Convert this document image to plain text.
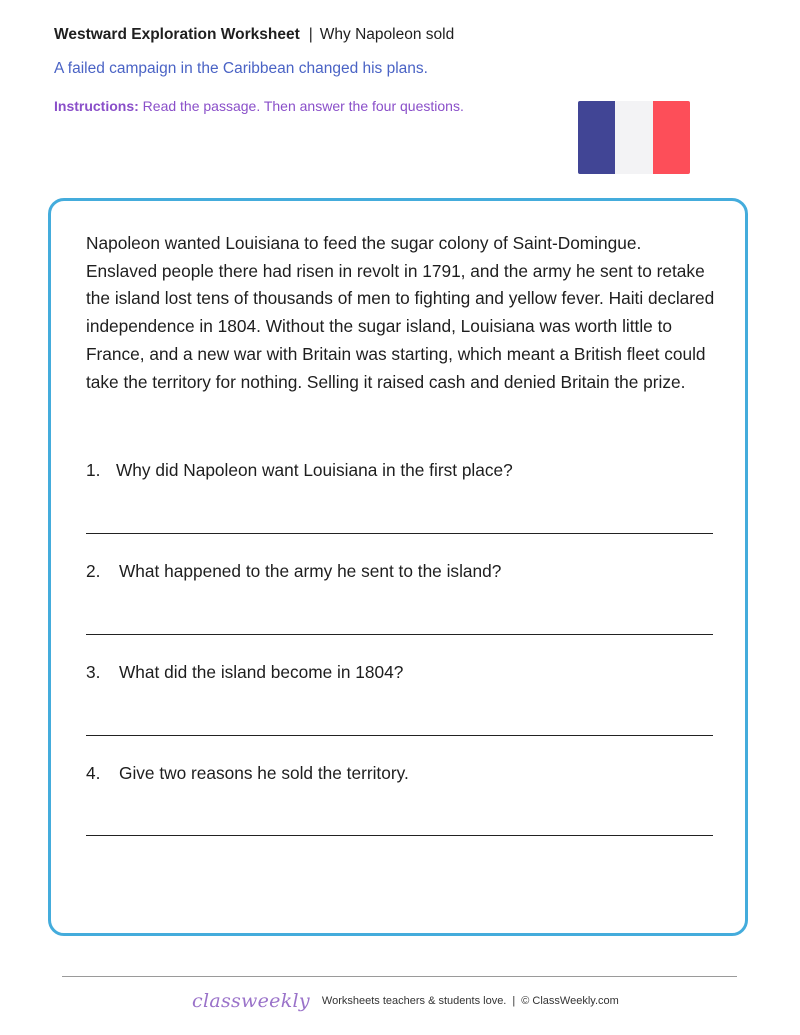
Westward Exploration Worksheet | Why Napoleon sold
A failed campaign in the Caribbean changed his plans.
Instructions: Read the passage. Then answer the four questions.
Napoleon wanted Louisiana to feed the sugar colony of Saint-Domingue. Enslaved people there had risen in revolt in 1791, and the army he sent to retake the island lost tens of thousands of men to fighting and yellow fever. Haiti declared independence in 1804. Without the sugar island, Louisiana was worth little to France, and a new war with Britain was starting, which meant a British fleet could take the territory for nothing. Selling it raised cash and denied Britain the prize.
1. Why did Napoleon want Louisiana in the first place?
2. What happened to the army he sent to the island?
3. What did the island become in 1804?
4. Give two reasons he sold the territory.
classweekly Worksheets teachers & students love. | © ClassWeekly.com
